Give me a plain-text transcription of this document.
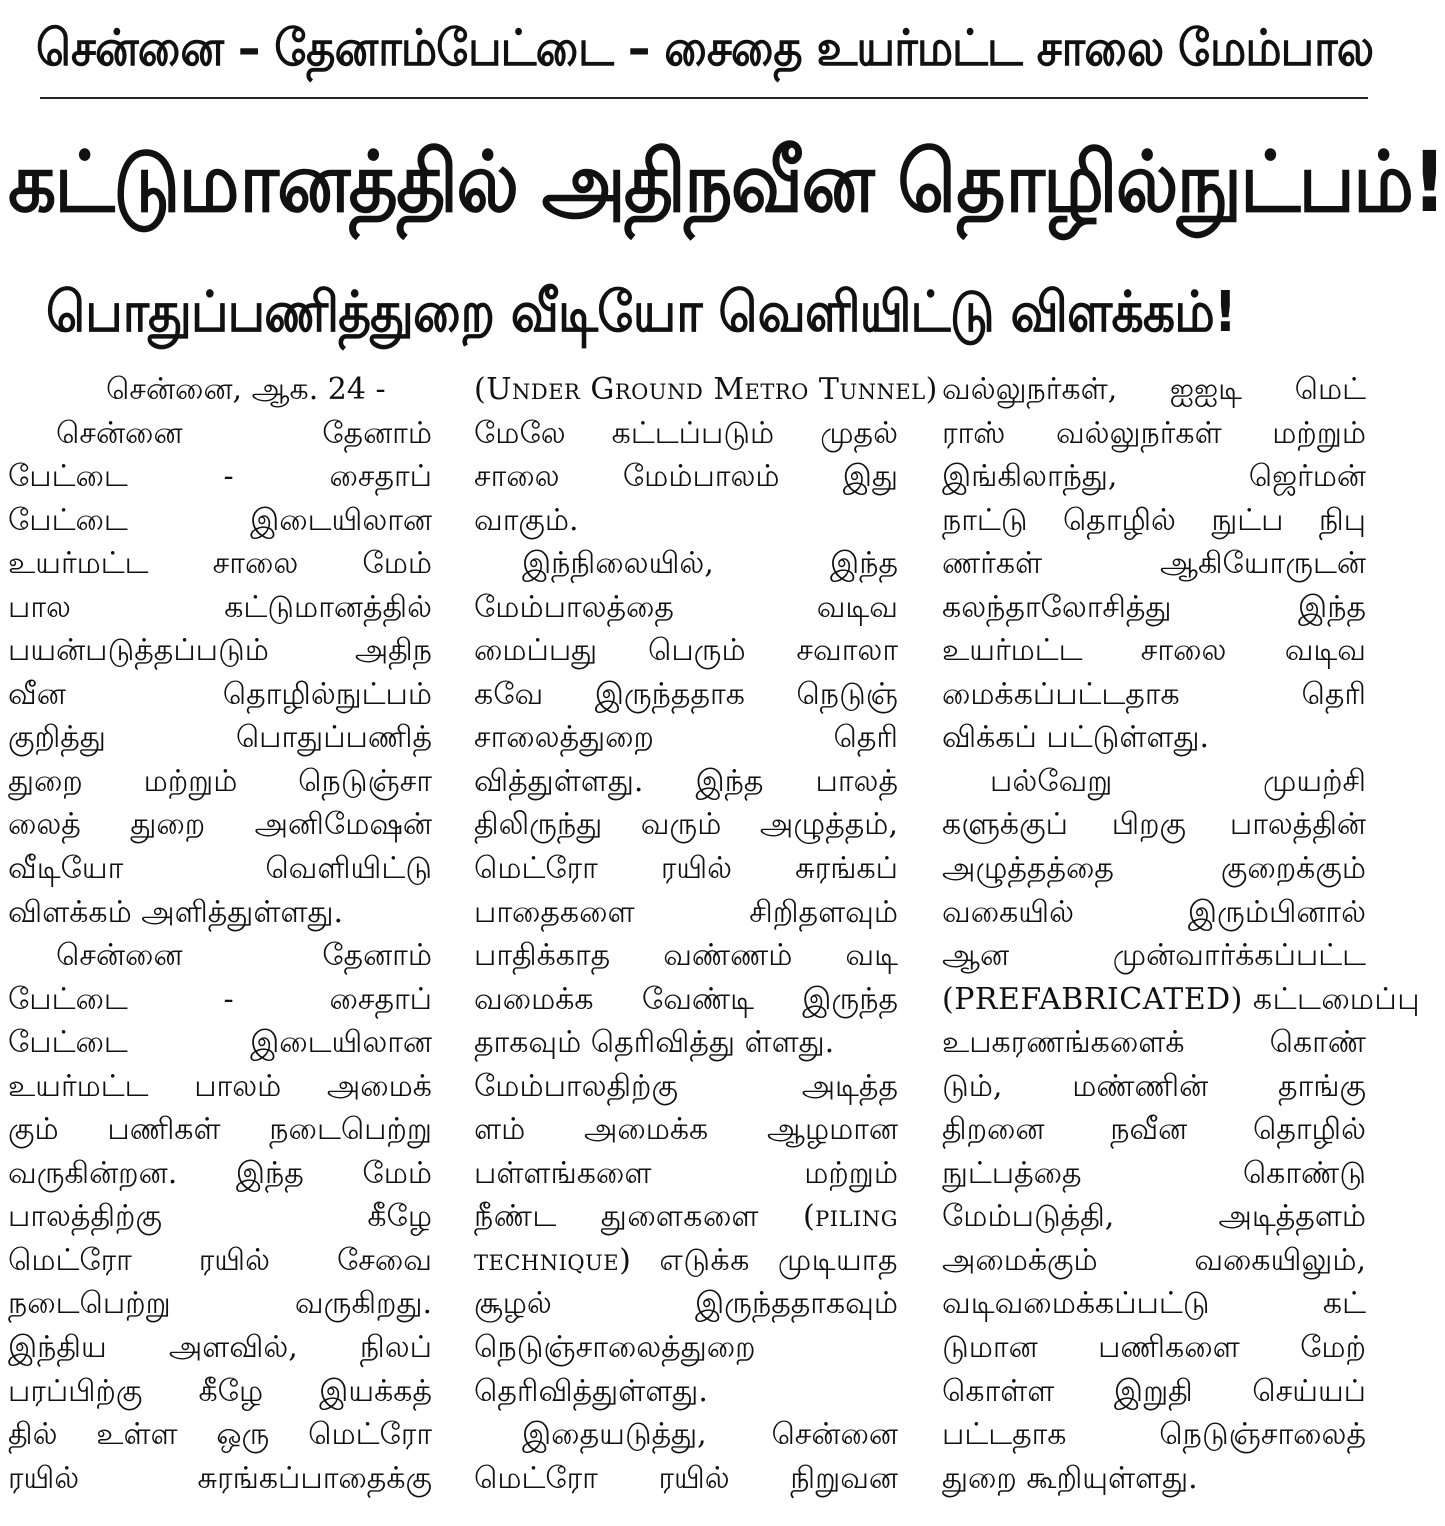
சென்னை – தேனாம்பேட்டை – சைதை உயர்மட்ட சாலை மேம்பால
கட்டுமானத்தில் அதிநவீன தொழில்நுட்பம்!
பொதுப்பணித்துறை வீடியோ வெளியிட்டு விளக்கம்!
சென்னை, ஆக. 24 -
சென்னை தேனாம்
பேட்டை - சைதாப்
பேட்டை இடையிலான
உயர்மட்ட சாலை மேம்
பால கட்டுமானத்தில்
பயன்படுத்தப்படும் அதிந
வீன தொழில்நுட்பம்
குறித்து பொதுப்பணித்
துறை மற்றும் நெடுஞ்சா
லைத் துறை அனிமேஷன்
வீடியோ வெளியிட்டு
விளக்கம் அளித்துள்ளது.
சென்னை தேனாம்
பேட்டை - சைதாப்
பேட்டை இடையிலான
உயர்மட்ட பாலம் அமைக்
கும் பணிகள் நடைபெற்று
வருகின்றன. இந்த மேம்
பாலத்திற்கு கீழே
மெட்ரோ ரயில் சேவை
நடைபெற்று வருகிறது.
இந்திய அளவில், நிலப்
பரப்பிற்கு கீழே இயக்கத்
தில் உள்ள ஒரு மெட்ரோ
ரயில் சுரங்கப்பாதைக்கு
(Under Ground Metro Tunnel)
மேலே கட்டப்படும் முதல்
சாலை மேம்பாலம் இது
வாகும்.
இந்நிலையில், இந்த
மேம்பாலத்தை வடிவ
மைப்பது பெரும் சவாலா
கவே இருந்ததாக நெடுஞ்
சாலைத்துறை தெரி
வித்துள்ளது. இந்த பாலத்
திலிருந்து வரும் அழுத்தம்,
மெட்ரோ ரயில் சுரங்கப்
பாதைகளை சிறிதளவும்
பாதிக்காத வண்ணம் வடி
வமைக்க வேண்டி இருந்த
தாகவும் தெரிவித்து ள்ளது.
மேம்பாலதிற்கு அடித்த
ளம் அமைக்க ஆழமான
பள்ளங்களை மற்றும்
நீண்ட துளைகளை (piling
technique) எடுக்க முடியாத
சூழல் இருந்ததாகவும்
நெடுஞ்சாலைத்துறை
தெரிவித்துள்ளது.
இதையடுத்து, சென்னை
மெட்ரோ ரயில் நிறுவன
வல்லுநர்கள், ஐஐடி மெட்
ராஸ் வல்லுநர்கள் மற்றும்
இங்கிலாந்து, ஜெர்மன்
நாட்டு தொழில் நுட்ப நிபு
ணர்கள் ஆகியோருடன்
கலந்தாலோசித்து இந்த
உயர்மட்ட சாலை வடிவ
மைக்கப்பட்டதாக தெரி
விக்கப் பட்டுள்ளது.
பல்வேறு முயற்சி
களுக்குப் பிறகு பாலத்தின்
அழுத்தத்தை குறைக்கும்
வகையில் இரும்பினால்
ஆன முன்வார்க்கப்பட்ட
(PREFABRICATED) கட்டமைப்பு
உபகரணங்களைக் கொண்
டும், மண்ணின் தாங்கு
திறனை நவீன தொழில்
நுட்பத்தை கொண்டு
மேம்படுத்தி, அடித்தளம்
அமைக்கும் வகையிலும்,
வடிவமைக்கப்பட்டு கட்
டுமான பணிகளை மேற்
கொள்ள இறுதி செய்யப்
பட்டதாக நெடுஞ்சாலைத்
துறை கூறியுள்ளது.
